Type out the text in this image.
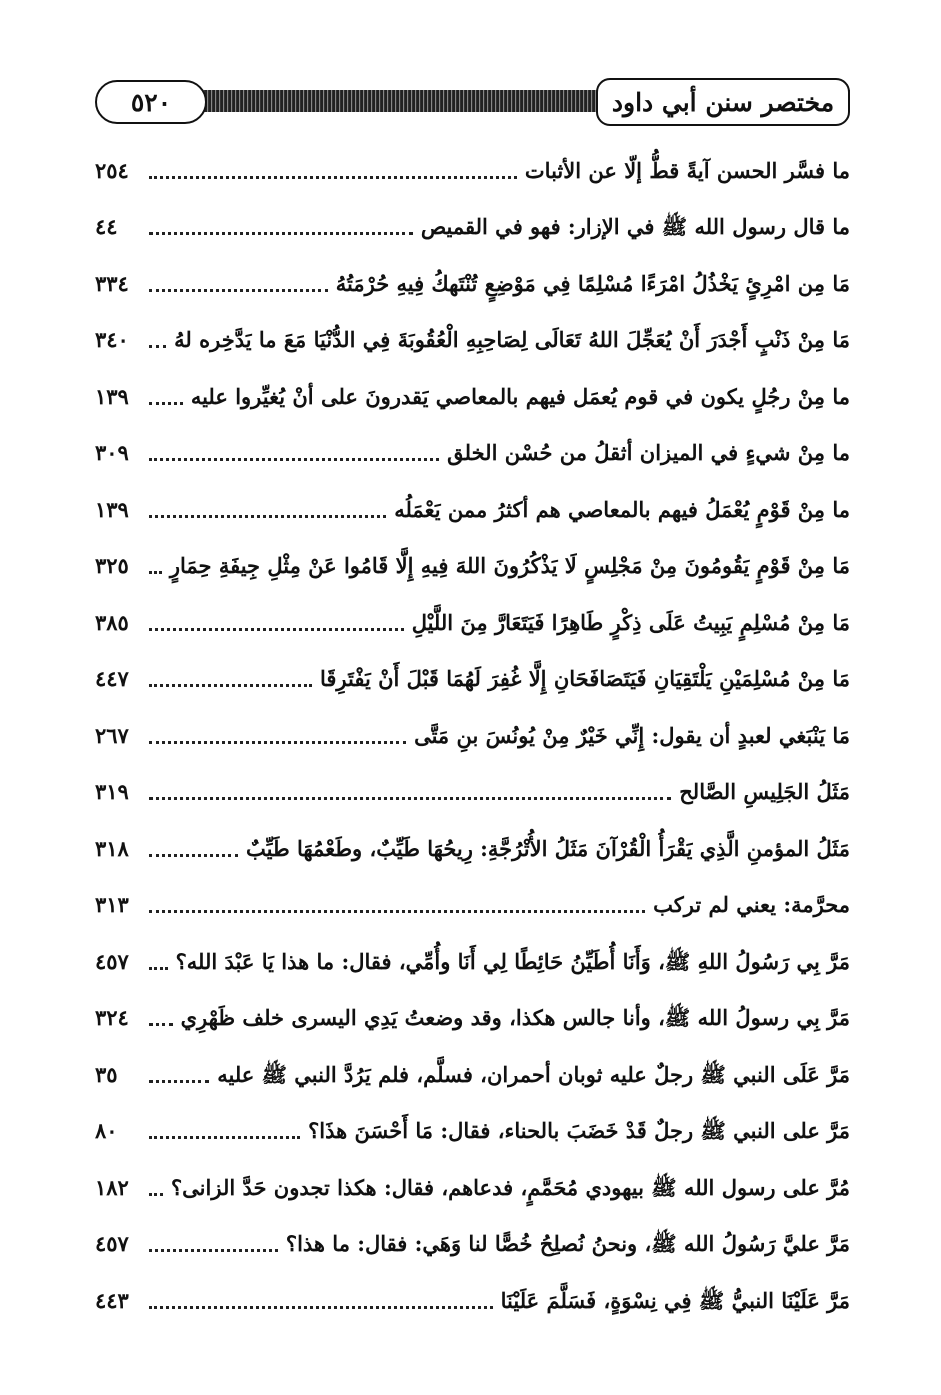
٥٢٠	مختصر سنن أبي داود
ما فسَّر الحسن آيةً قطُّ إلّا عن الأثبات
٢٥٤
ما قال رسول الله ﷺ في الإزار: فهو في القميص
٤٤
مَا مِن امْرِئٍ يَخْذُلُ امْرَءًا مُسْلِمًا فِي مَوْضِعٍ تُنْتَهكُ فِيهِ حُرْمَتُهُ
٣٣٤
مَا مِنْ ذَنْبٍ أَجْدَرَ أَنْ يُعَجِّلَ اللهُ تَعَالَى لِصَاحِبِهِ الْعُقُوبَةَ فِي الدُّنْيَا مَعَ ما يَدَّخِره لهُ
٣٤٠
ما مِنْ رجُلٍ يكون في قوم يُعمَل فيهم بالمعاصي يَقدرونَ على أنْ يُغيِّروا عليه
١٣٩
ما مِنْ شيءٍ في الميزان أثقلُ من حُسْن الخلق
٣٠٩
ما مِنْ قَوْمٍ يُعْمَلُ فيهم بالمعاصي هم أكثرُ ممن يَعْمَلُه
١٣٩
مَا مِنْ قَوْمٍ يَقُومُونَ مِنْ مَجْلِسٍ لَا يَذْكُرُونَ اللهَ فِيهِ إِلَّا قَامُوا عَنْ مِثْلِ جِيفَةِ حِمَارٍ
٣٢٥
مَا مِنْ مُسْلِمٍ يَبِيتُ عَلَى ذِكْرٍ طَاهِرًا فَيَتَعَارَّ مِنَ اللَّيْلِ
٣٨٥
مَا مِنْ مُسْلِمَيْنِ يَلْتَقِيَانِ فَيَتَصَافَحَانِ إِلَّا غُفِرَ لَهُمَا قَبْلَ أَنْ يَفْتَرِقَا
٤٤٧
مَا يَنْبَغي لعبدٍ أن يقول: إِنِّي خَيْرٌ مِنْ يُونُسَ بنِ مَتَّى
٢٦٧
مَثَلُ الجَلِيسِ الصَّالح
٣١٩
مَثَلُ المؤمنِ الَّذِي يَقْرَأُ الْقُرْآنَ مَثَلُ الأُتْرُجَّةِ: رِيحُهَا طَيِّبٌ، وطَعْمُهَا طَيِّبٌ
٣١٨
محرَّمة: يعني لم تركب
٣١٣
مَرَّ بِي رَسُولُ اللهِ ﷺ، وَأَنَا أُطَيِّنُ حَائِطًا لِي أَنَا وأُمِّي، فقال: ما هذا يَا عَبْدَ الله؟
٤٥٧
مَرَّ بِي رسولُ الله ﷺ، وأنا جالس هكذا، وقد وضعتُ يَدِي اليسرى خلف ظَهْرِي
٣٢٤
مَرَّ عَلَى النبي ﷺ رجلٌ عليه ثوبان أحمران، فسلَّم، فلم يَرُدَّ النبي ﷺ عليه
٣٥
مَرَّ على النبي ﷺ رجلٌ قَدْ خَضَبَ بالحناء، فقال: مَا أَحْسَنَ هذَا؟
٨٠
مُرَّ على رسول الله ﷺ بيهودي مُحَمَّمٍ، فدعاهم، فقال: هكذا تجدون حَدَّ الزانى؟
١٨٢
مَرَّ عليَّ رَسُولُ الله ﷺ، ونحنُ نُصلِحُ خُصًّا لنا وَهَي: فقال: ما هذا؟
٤٥٧
مَرَّ عَلَيْنَا النبيُّ ﷺ فِي نِسْوَةٍ، فَسَلَّمَ عَلَيْنَا
٤٤٣
